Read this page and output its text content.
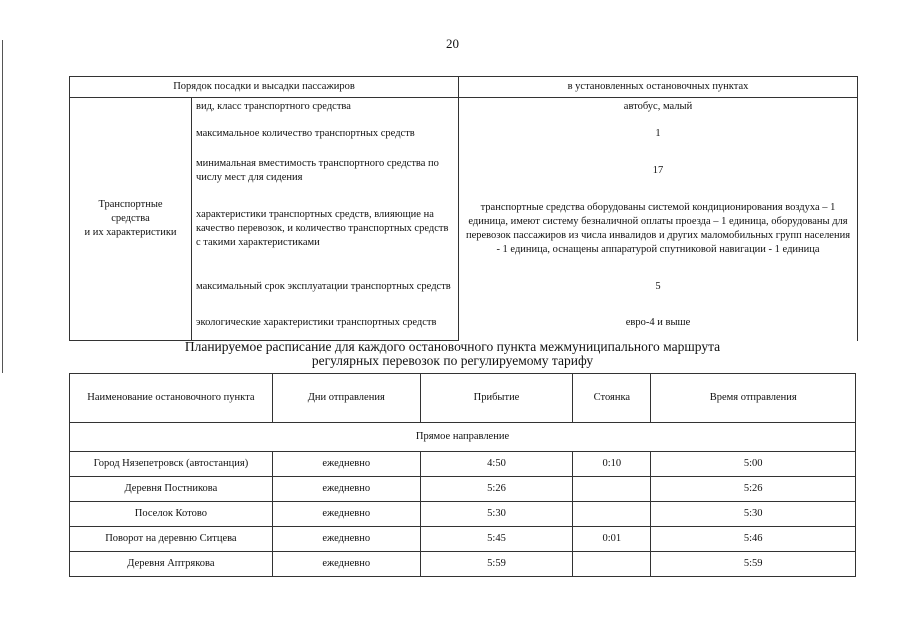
20
Порядок посадки и высадки пассажиров		в установленных остановочных пунктах

Транспортные
средства
и их характеристики	вид, класс транспортного средства	автобус, малый
	максимальное количество транспортных средств	1
	минимальная вместимость транспортного средства по числу мест для сидения	17
	характеристики транспортных средств, влияющие на качество перевозок, и количество транспортных средств с такими характеристиками	транспортные средства оборудованы системой кондиционирования воздуха – 1 единица, имеют систему безналичной оплаты проезда – 1 единица, оборудованы для перевозок пассажиров из числа инвалидов и других маломобильных групп населения - 1 единица, оснащены аппаратурой спутниковой навигации - 1 единица
	максимальный срок эксплуатации транспортных средств	5
	экологические характеристики транспортных средств	евро-4 и выше
Планируемое расписание для каждого остановочного пункта межмуниципального маршрута
регулярных перевозок по регулируемому тарифу
Наименование остановочного пункта	Дни отправления	Прибытие	Стоянка	Время отправления
Прямое направление				
Город Нязепетровск (автостанция)	ежедневно	4:50	0:10	5:00
Деревня Постникова	ежедневно	5:26		5:26
Поселок Котово	ежедневно	5:30		5:30
Поворот на деревню Ситцева	ежедневно	5:45	0:01	5:46
Деревня Аптрякова	ежедневно	5:59		5:59
